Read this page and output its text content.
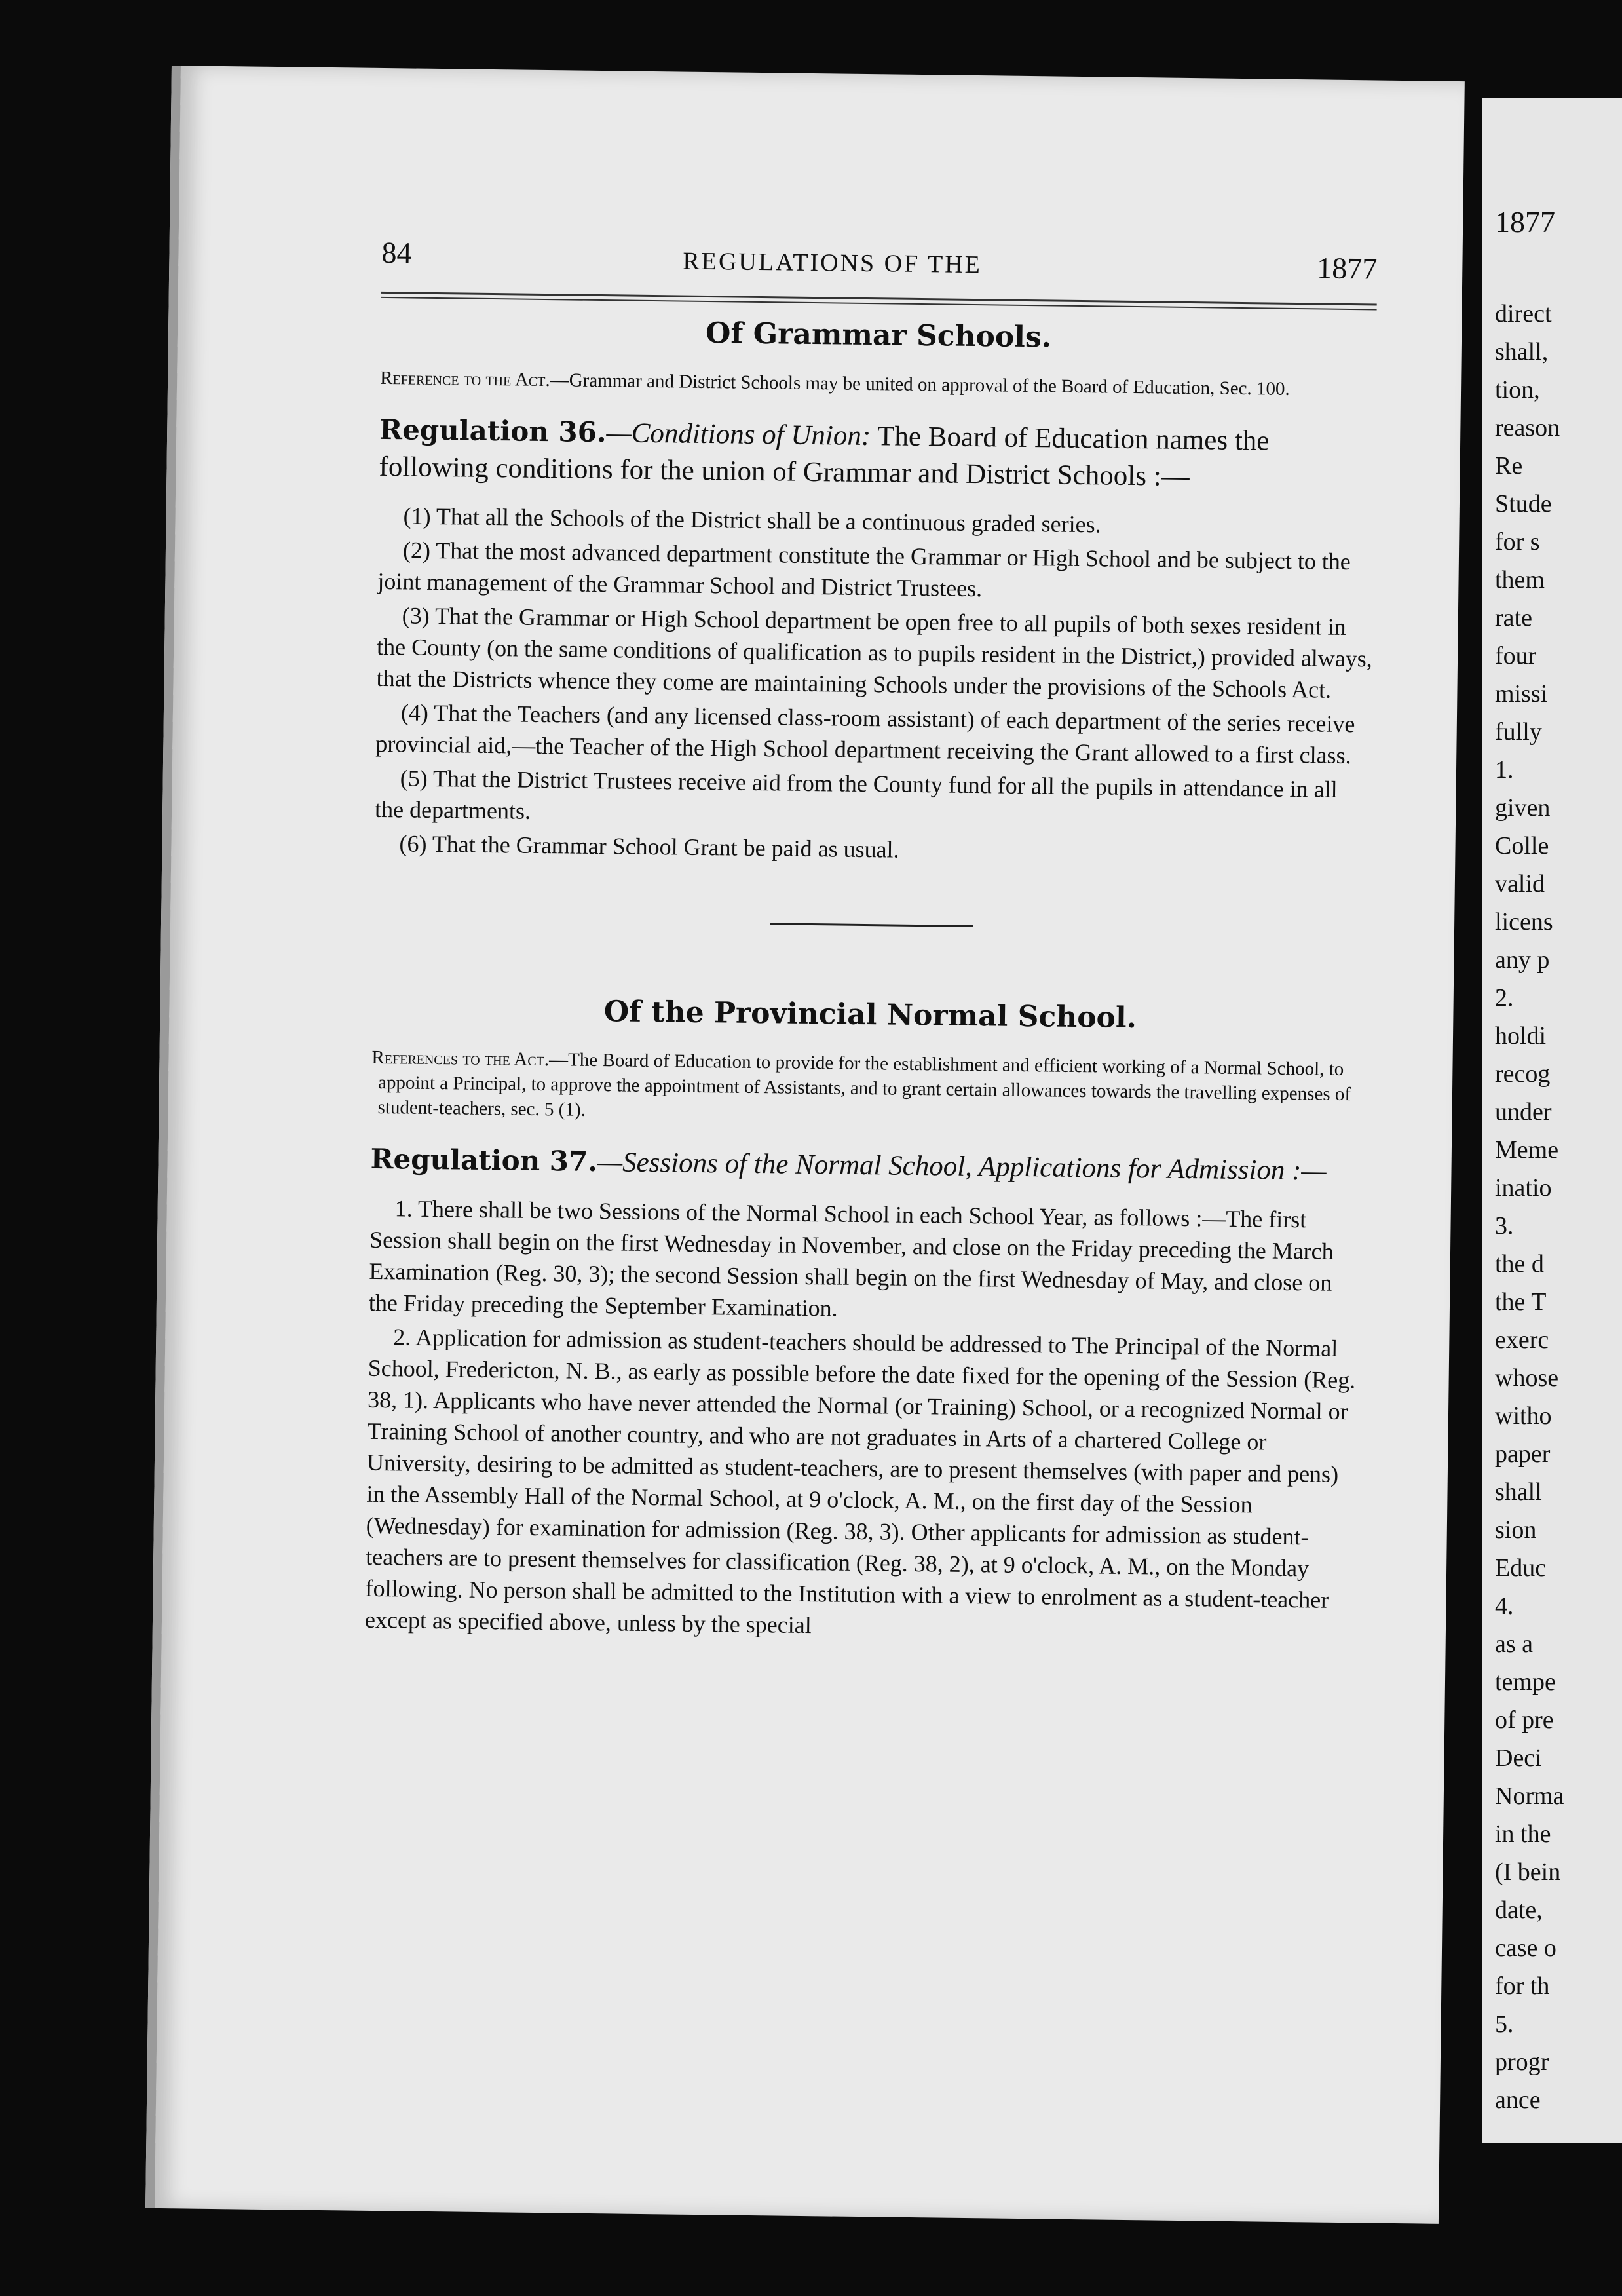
84	REGULATIONS OF THE	1877
Of Grammar Schools.

Reference to the Act.—Grammar and District Schools may be united on approval of the Board of Education, Sec. 100.

Regulation 36.—Conditions of Union: The Board of Education names the following conditions for the union of Grammar and District Schools :—

(1) That all the Schools of the District shall be a continuous graded series.

(2) That the most advanced department constitute the Grammar or High School and be subject to the joint management of the Grammar School and District Trustees.

(3) That the Grammar or High School department be open free to all pupils of both sexes resident in the County (on the same conditions of qualification as to pupils resident in the District,) provided always, that the Districts whence they come are maintaining Schools under the provisions of the Schools Act.

(4) That the Teachers (and any licensed class-room assistant) of each department of the series receive provincial aid,—the Teacher of the High School department receiving the Grant allowed to a first class.

(5) That the District Trustees receive aid from the County fund for all the pupils in attendance in all the departments.

(6) That the Grammar School Grant be paid as usual.

Of the Provincial Normal School.

References to the Act.—The Board of Education to provide for the establishment and efficient working of a Normal School, to appoint a Principal, to approve the appointment of Assistants, and to grant certain allowances towards the travelling expenses of student-teachers, sec. 5 (1).

Regulation 37.—Sessions of the Normal School, Applications for Admission :—

1. There shall be two Sessions of the Normal School in each School Year, as follows :—The first Session shall begin on the first Wednesday in November, and close on the Friday preceding the March Examination (Reg. 30, 3); the second Session shall begin on the first Wednesday of May, and close on the Friday preceding the September Examination.

2. Application for admission as student-teachers should be addressed to The Principal of the Normal School, Fredericton, N. B., as early as possible before the date fixed for the opening of the Session (Reg. 38, 1). Applicants who have never attended the Normal (or Training) School, or a recognized Normal or Training School of another country, and who are not graduates in Arts of a chartered College or University, desiring to be admitted as student-teachers, are to present themselves (with paper and pens) in the Assembly Hall of the Normal School, at 9 o'clock, A. M., on the first day of the Session (Wednesday) for examination for admission (Reg. 38, 3). Other applicants for admission as student-teachers are to present themselves for classification (Reg. 38, 2), at 9 o'clock, A. M., on the Monday following. No person shall be admitted to the Institution with a view to enrolment as a student-teacher except as specified above, unless by the special

1877
direct
shall,
tion,
reason
Re
Stude
for s
them
rate
four
missi
fully
1.
given
Colle
valid
licens
any p
2.
holdi
recog
under
Meme
inatio
3.
the d
the T
exerc
whose
witho
paper
shall
sion
Educ
4.
as a
tempe
of pre
Deci
Norma
in the
(I bein
date,
case o
for th
5.
progr
ance
